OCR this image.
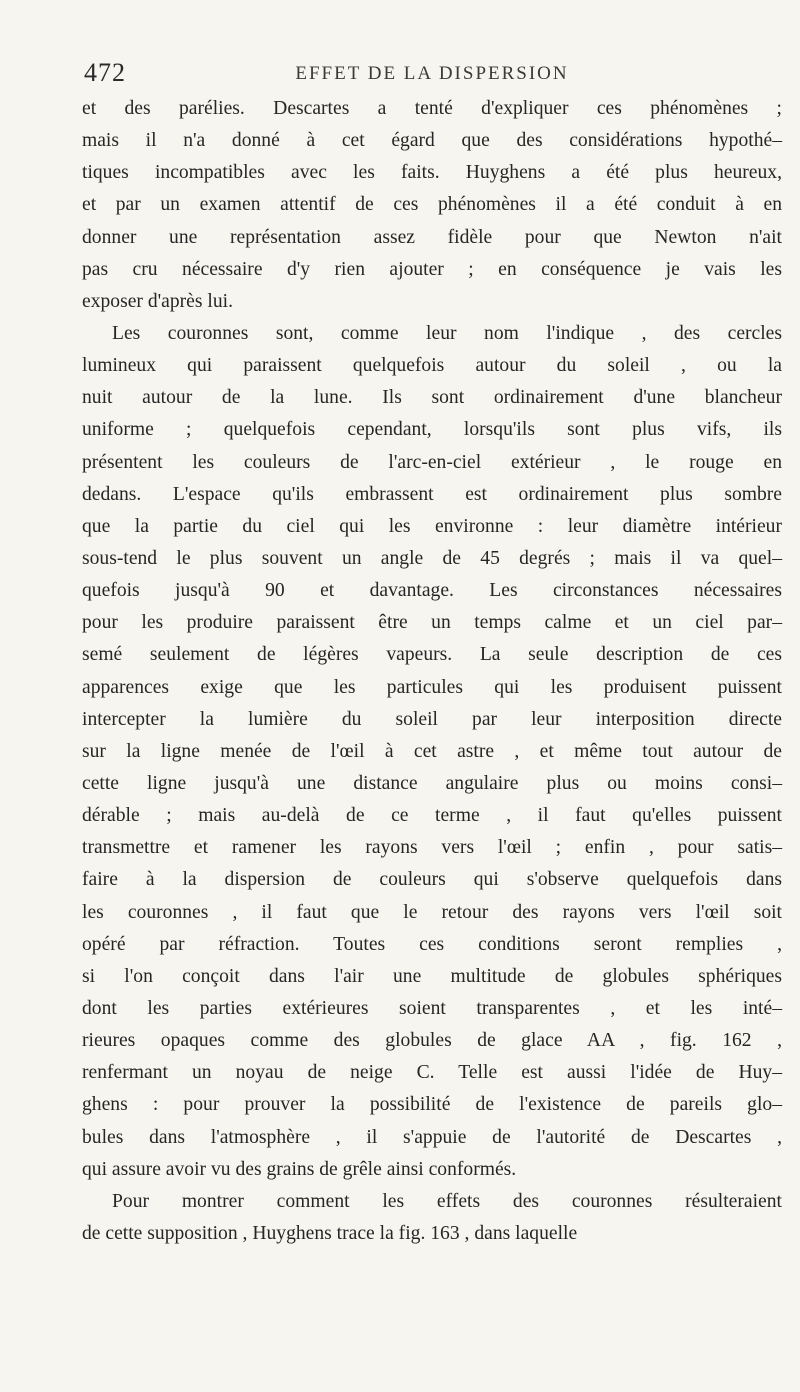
472	EFFET DE LA DISPERSION
et des parélies. Descartes a tenté d'expliquer ces phénomènes ;
mais il n'a donné à cet égard que des considérations hypothé–
tiques incompatibles avec les faits. Huyghens a été plus heureux,
et par un examen attentif de ces phénomènes il a été conduit à en
donner une représentation assez fidèle pour que Newton n'ait
pas cru nécessaire d'y rien ajouter ; en conséquence je vais les
exposer d'après lui.
Les couronnes sont, comme leur nom l'indique , des cercles
lumineux qui paraissent quelquefois autour du soleil , ou la
nuit autour de la lune. Ils sont ordinairement d'une blancheur
uniforme ; quelquefois cependant, lorsqu'ils sont plus vifs, ils
présentent les couleurs de l'arc-en-ciel extérieur , le rouge en
dedans. L'espace qu'ils embrassent est ordinairement plus sombre
que la partie du ciel qui les environne : leur diamètre intérieur
sous-tend le plus souvent un angle de 45 degrés ; mais il va quel–
quefois jusqu'à 90 et davantage. Les circonstances nécessaires
pour les produire paraissent être un temps calme et un ciel par–
semé seulement de légères vapeurs. La seule description de ces
apparences exige que les particules qui les produisent puissent
intercepter la lumière du soleil par leur interposition directe
sur la ligne menée de l'œil à cet astre , et même tout autour de
cette ligne jusqu'à une distance angulaire plus ou moins consi–
dérable ; mais au-delà de ce terme , il faut qu'elles puissent
transmettre et ramener les rayons vers l'œil ; enfin , pour satis–
faire à la dispersion de couleurs qui s'observe quelquefois dans
les couronnes , il faut que le retour des rayons vers l'œil soit
opéré par réfraction. Toutes ces conditions seront remplies ,
si l'on conçoit dans l'air une multitude de globules sphériques
dont les parties extérieures soient transparentes , et les inté–
rieures opaques comme des globules de glace AA , fig. 162 ,
renfermant un noyau de neige C. Telle est aussi l'idée de Huy–
ghens : pour prouver la possibilité de l'existence de pareils glo–
bules dans l'atmosphère , il s'appuie de l'autorité de Descartes ,
qui assure avoir vu des grains de grêle ainsi conformés.
Pour montrer comment les effets des couronnes résulteraient
de cette supposition , Huyghens trace la fig. 163 , dans laquelle
